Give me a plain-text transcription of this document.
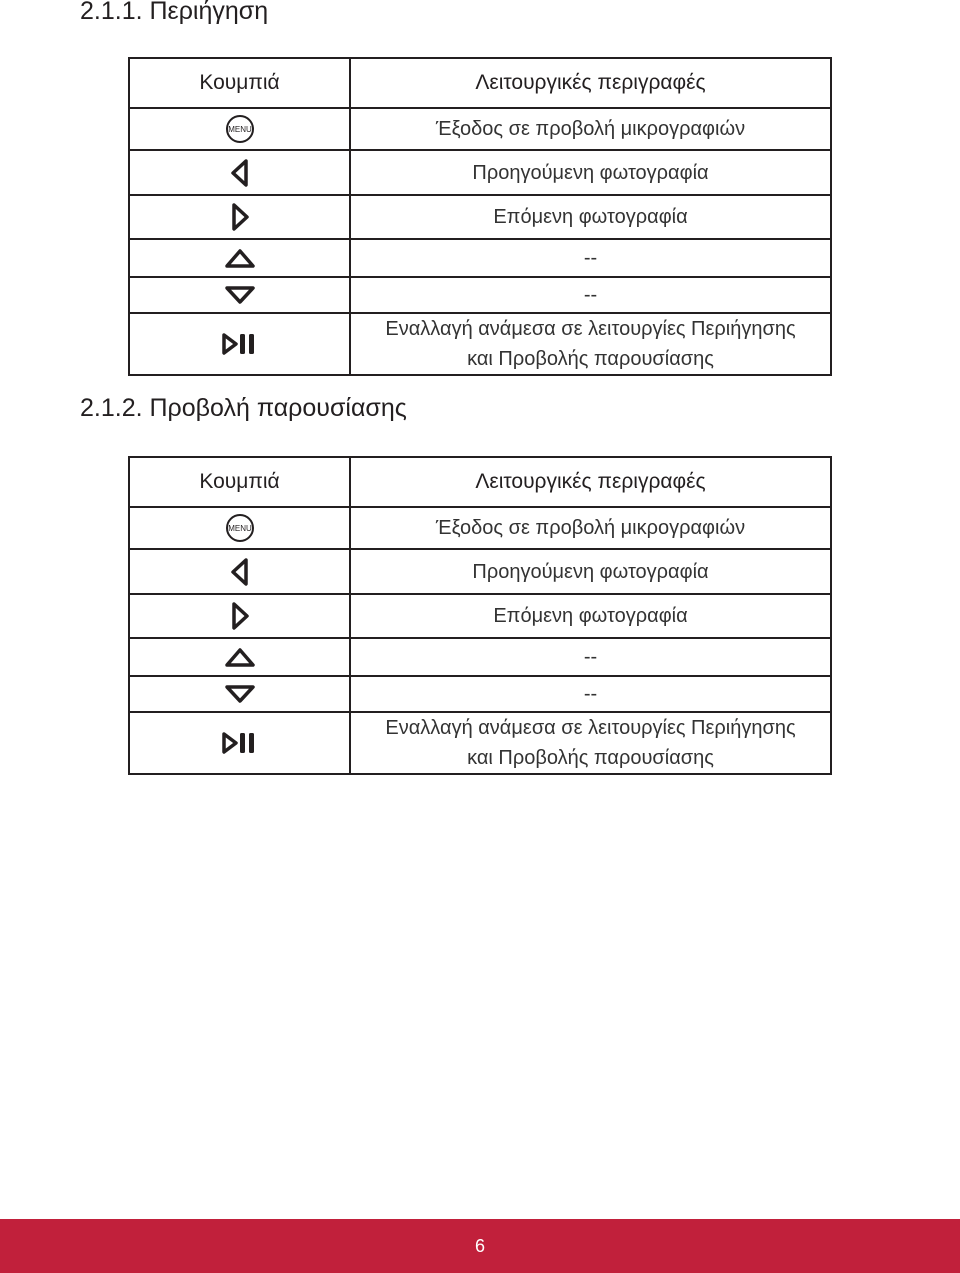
2.1.1. Περιήγηση
Κουμπιά	Λειτουργικές περιγραφές

MENU	Έξοδος σε προβολή μικρογραφιών

	Προηγούμενη φωτογραφία

	Επόμενη φωτογραφία

	--

	--

	Εναλλαγή ανάμεσα σε λειτουργίες Περιήγησης
και Προβολής παρουσίασης
2.1.2. Προβολή παρουσίασης
Κουμπιά	Λειτουργικές περιγραφές

MENU	Έξοδος σε προβολή μικρογραφιών

	Προηγούμενη φωτογραφία

	Επόμενη φωτογραφία

	--

	--

	Εναλλαγή ανάμεσα σε λειτουργίες Περιήγησης
και Προβολής παρουσίασης
6
